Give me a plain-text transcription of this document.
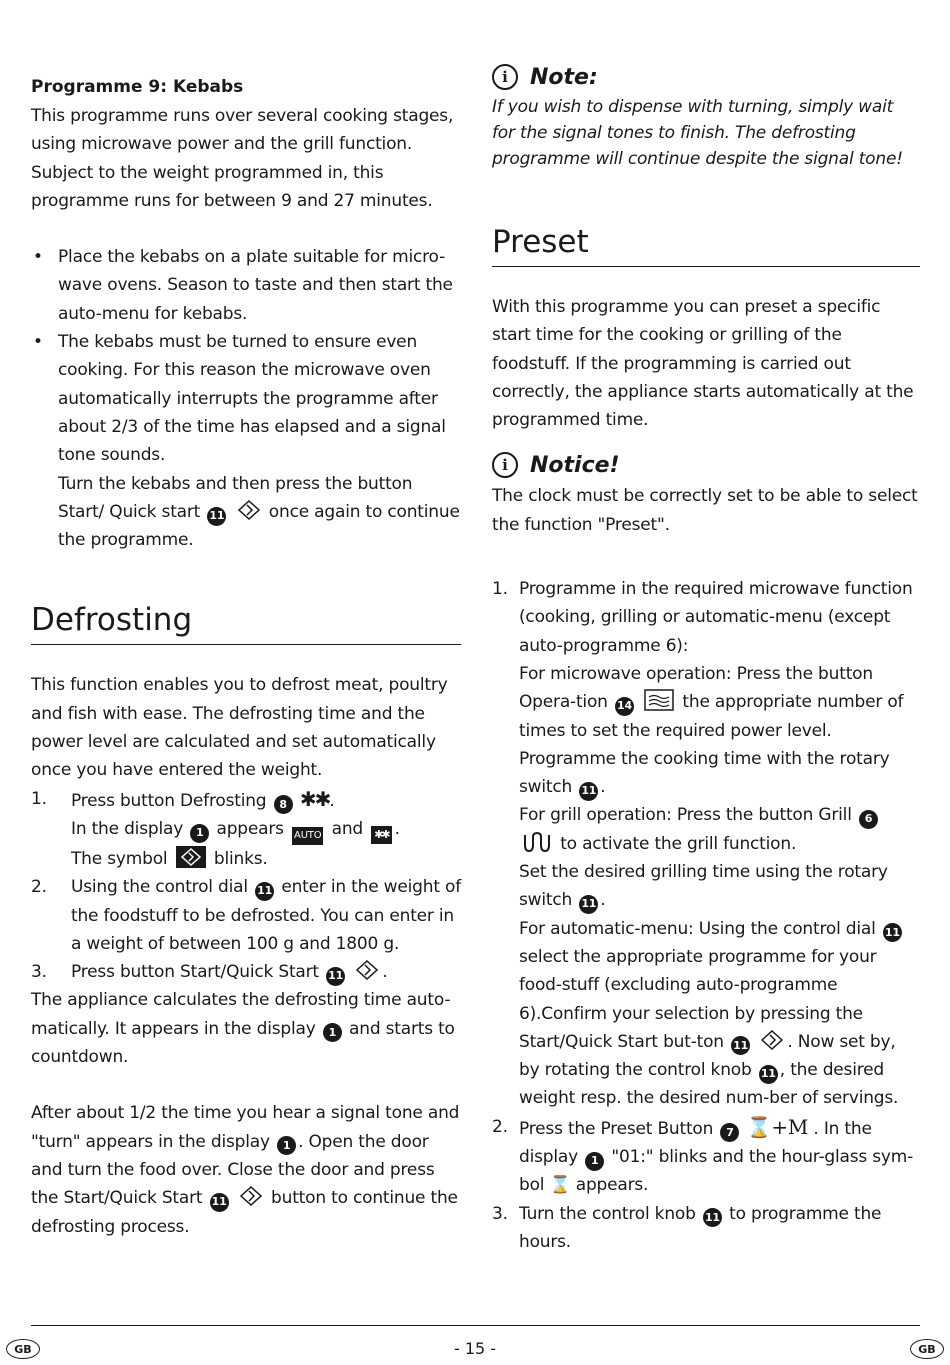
Programme 9: Kebabs

This programme runs over several cooking stages, using microwave power and the grill function. Subject to the weight programmed in, this programme runs for between 9 and 27 minutes.

• Place the kebabs on a plate suitable for micro-wave ovens. Season to taste and then start the auto-menu for kebabs.
• The kebabs must be turned to ensure even cooking. For this reason the microwave oven automatically interrupts the programme after about 2/3 of the time has elapsed and a signal tone sounds.
Turn the kebabs and then press the button Start/ Quick start 11	once again to continue the programme.
Defrosting

This function enables you to defrost meat, poultry and fish with ease. The defrosting time and the power level are calculated and set automatically once you have entered the weight.

1. Press button Defrosting 8 ✱✱.
In the display 1 appears AUTO and ✱✱ .
The symbol	blinks.
2. Using the control dial 11 enter in the weight of the foodstuff to be defrosted. You can enter in a weight of between 100 g and 1800 g.
3. Press button Start/Quick Start 11 .

The appliance calculates the defrosting time auto-matically. It appears in the display 1 and starts to countdown.

After about 1/2 the time you hear a signal tone and "turn" appears in the display 1 . Open the door and turn the food over. Close the door and press the Start/Quick Start 11	button to continue the defrosting process.

i	Note:

If you wish to dispense with turning, simply wait for the signal tones to finish. The defrosting programme will continue despite the signal tone!

Preset

With this programme you can preset a specific start time for the cooking or grilling of the foodstuff. If the programming is carried out correctly, the appliance starts automatically at the programmed time.

i	Notice!

The clock must be correctly set to be able to select the function "Preset".

1. Programme in the required microwave function (cooking, grilling or automatic-menu (except auto-programme 6):
For microwave operation: Press the button Opera-tion 14	the appropriate number of times to set the required power level. Programme the cooking time with the rotary switch 11 .
For grill operation: Press the button Grill 6  to activate the grill function.
Set the desired grilling time using the rotary switch 11 .
For automatic-menu: Using the control dial 11 select the appropriate programme for your food-stuff (excluding auto-programme 6).Confirm your selection by pressing the Start/Quick Start but-ton 11 . Now set by, by rotating the control knob 11 , the desired weight resp. the desired num-ber of servings.
2. Press the Preset Button 7 ⌛+M . In the display 1 "01:" blinks and the hour-glass sym-bol ⌛ appears.
3. Turn the control knob 11 to programme the hours.
GB	- 15 -	GB
